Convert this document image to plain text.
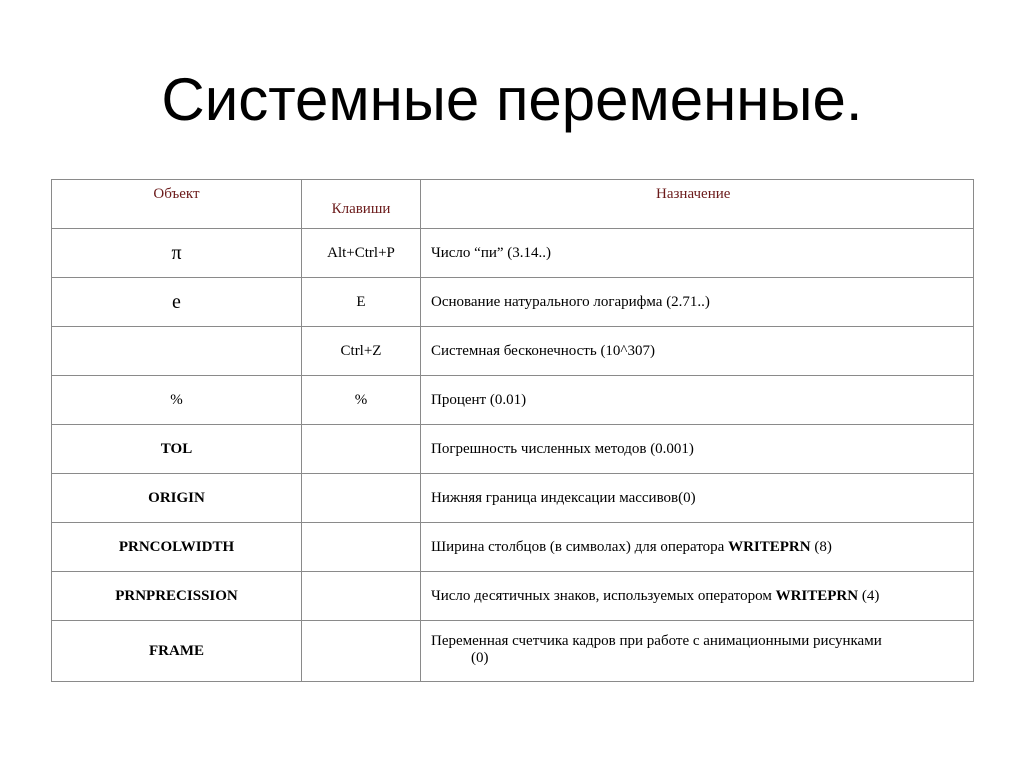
Системные переменные.
Объект	Клавиши	Назначение

π	Alt+Ctrl+P	Число “пи” (3.14..)
е	E	Основание натурального логарифма (2.71..)

	Ctrl+Z	Системная бесконечность (10^307)
%	%	Процент (0.01)
TOL		Погрешность численных методов (0.001)
ORIGIN		Нижняя граница индексации массивов(0)
PRNCOLWIDTH		Ширина столбцов (в символах) для оператора WRITEPRN (8)
PRNPRECISSION		Число десятичных знаков, используемых оператором WRITEPRN (4)
FRAME		Переменная счетчика кадров при работе с анимационными рисунками
(0)
